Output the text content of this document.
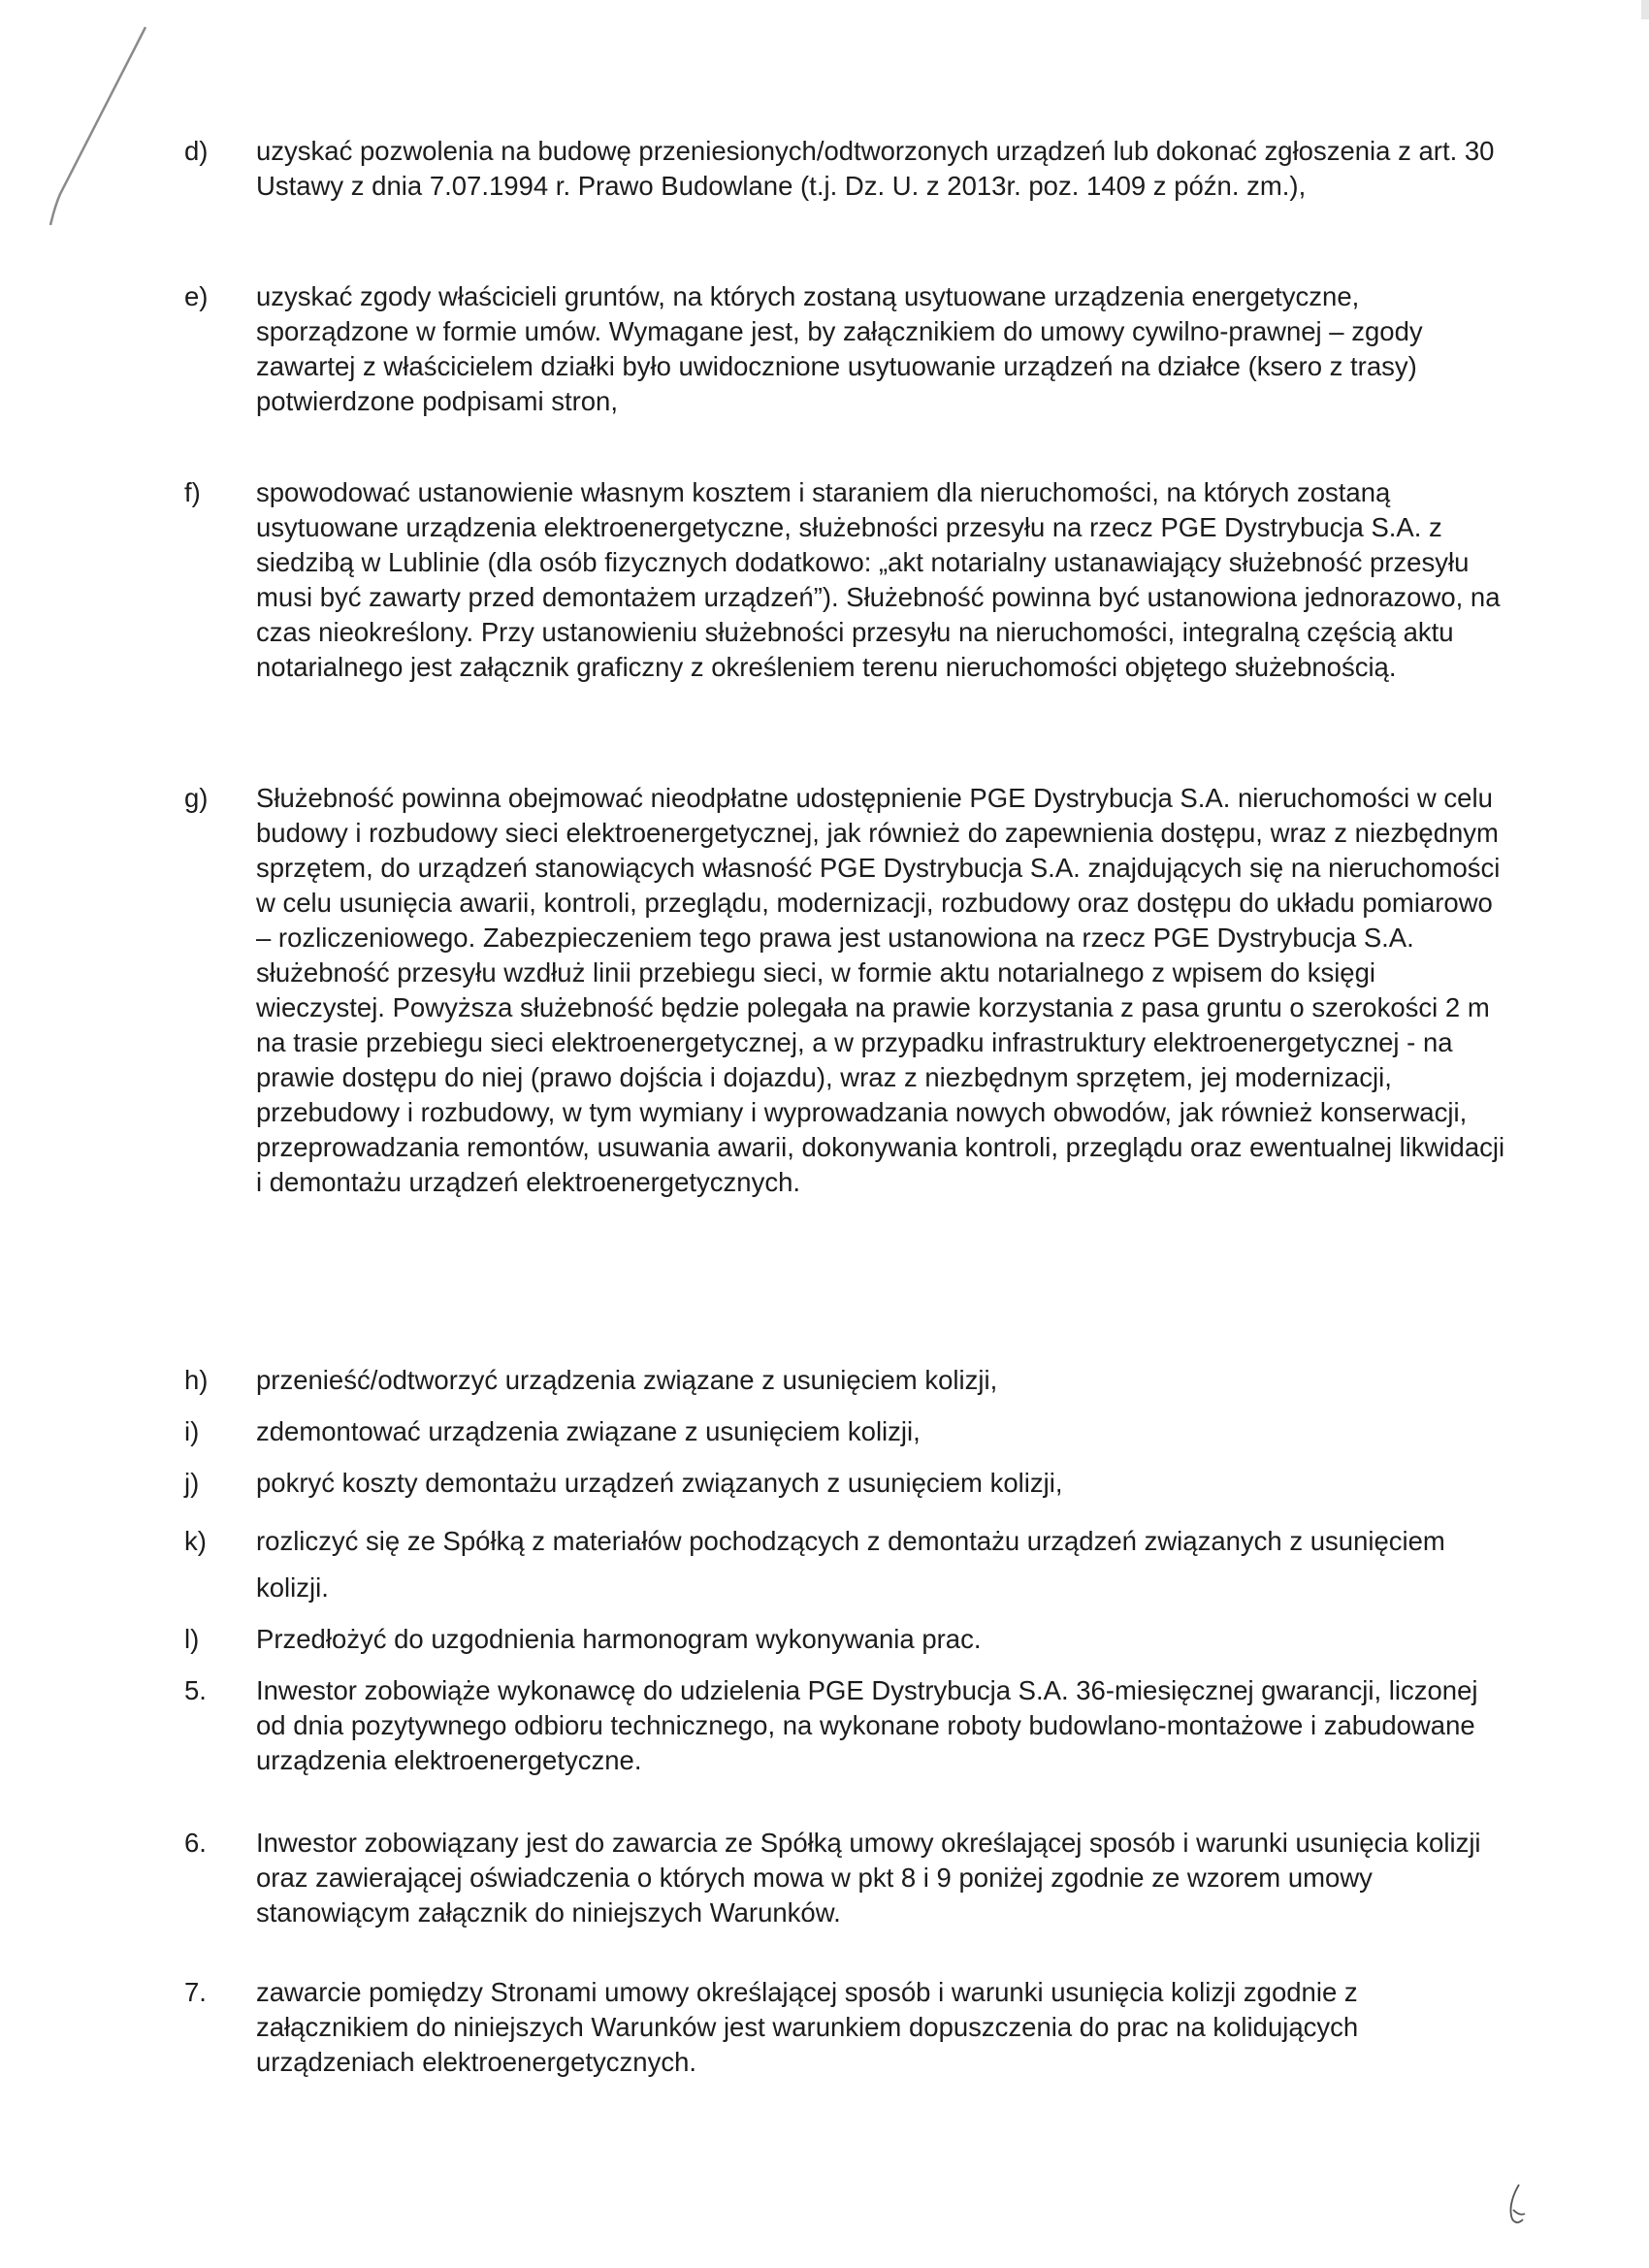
d)	uzyskać pozwolenia na budowę przeniesionych/odtworzonych urządzeń lub dokonać zgłoszenia z art. 30 Ustawy z dnia 7.07.1994 r. Prawo Budowlane (t.j. Dz. U. z 2013r. poz. 1409 z późn. zm.),
e)	uzyskać zgody właścicieli gruntów, na których zostaną usytuowane urządzenia energetyczne, sporządzone w formie umów. Wymagane jest, by załącznikiem do umowy cywilno-prawnej – zgody zawartej z właścicielem działki było uwidocznione usytuowanie urządzeń na działce (ksero z trasy) potwierdzone podpisami stron,
f)	spowodować ustanowienie własnym kosztem i staraniem dla nieruchomości, na których zostaną usytuowane urządzenia elektroenergetyczne, służebności przesyłu na rzecz PGE Dystrybucja S.A. z siedzibą w Lublinie (dla osób fizycznych dodatkowo: „akt notarialny ustanawiający służebność przesyłu musi być zawarty przed demontażem urządzeń”). Służebność powinna być ustanowiona jednorazowo, na czas nieokreślony. Przy ustanowieniu służebności przesyłu na nieruchomości, integralną częścią aktu notarialnego jest załącznik graficzny z określeniem terenu nieruchomości objętego służebnością.
g)	Służebność powinna obejmować nieodpłatne udostępnienie PGE Dystrybucja S.A. nieruchomości w celu budowy i rozbudowy sieci elektroenergetycznej, jak również do zapewnienia dostępu, wraz z niezbędnym sprzętem, do urządzeń stanowiących własność PGE Dystrybucja S.A. znajdujących się na nieruchomości w celu usunięcia awarii, kontroli, przeglądu, modernizacji, rozbudowy oraz dostępu do układu pomiarowo – rozliczeniowego. Zabezpieczeniem tego prawa jest ustanowiona na rzecz PGE Dystrybucja S.A. służebność przesyłu wzdłuż linii przebiegu sieci, w formie aktu notarialnego z wpisem do księgi wieczystej. Powyższa służebność będzie polegała na prawie korzystania z pasa gruntu o szerokości 2 m na trasie przebiegu sieci elektroenergetycznej, a w przypadku infrastruktury elektroenergetycznej - na prawie dostępu do niej (prawo dojścia i dojazdu), wraz z niezbędnym sprzętem, jej modernizacji, przebudowy i rozbudowy, w tym wymiany i wyprowadzania nowych obwodów, jak również konserwacji, przeprowadzania remontów, usuwania awarii, dokonywania kontroli, przeglądu oraz ewentualnej likwidacji i demontażu urządzeń elektroenergetycznych.
h)	przenieść/odtworzyć urządzenia związane z usunięciem kolizji,
i)	zdemontować urządzenia związane z usunięciem kolizji,
j)	pokryć koszty demontażu urządzeń związanych z usunięciem kolizji,
k)	rozliczyć się ze Spółką z materiałów pochodzących z demontażu urządzeń związanych z usunięciem kolizji.
l)	Przedłożyć do uzgodnienia harmonogram wykonywania prac.
5.	Inwestor zobowiąże wykonawcę do udzielenia PGE Dystrybucja S.A. 36-miesięcznej gwarancji, liczonej od dnia pozytywnego odbioru technicznego, na wykonane roboty budowlano-montażowe i zabudowane urządzenia elektroenergetyczne.
6.	Inwestor zobowiązany jest do zawarcia ze Spółką umowy określającej sposób i warunki usunięcia kolizji oraz zawierającej oświadczenia o których mowa w pkt 8 i 9 poniżej zgodnie ze wzorem umowy stanowiącym załącznik do niniejszych Warunków.
7.	zawarcie pomiędzy Stronami umowy określającej sposób i warunki usunięcia kolizji zgodnie z załącznikiem do niniejszych Warunków jest warunkiem dopuszczenia do prac na kolidujących urządzeniach elektroenergetycznych.
